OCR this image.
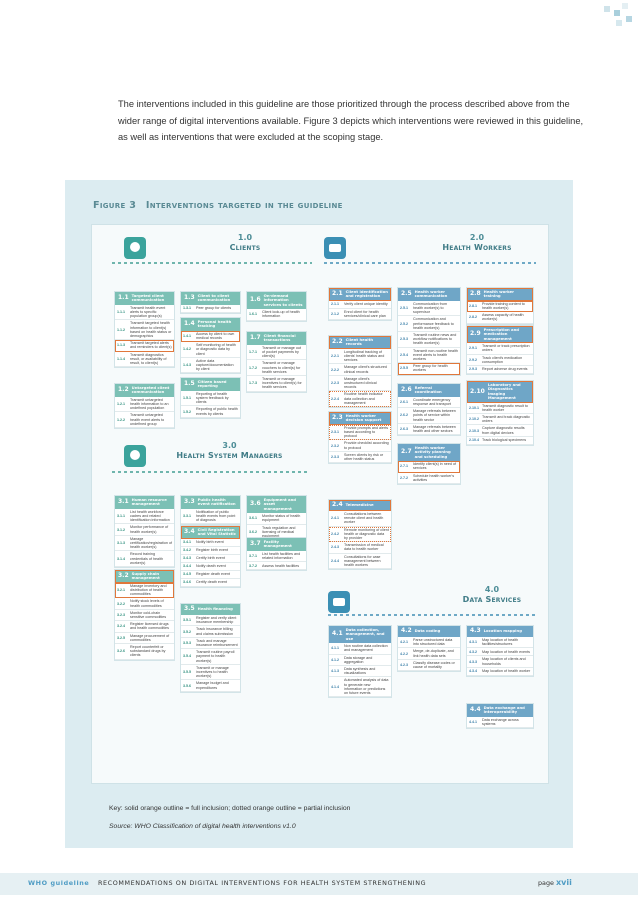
The interventions included in this guideline are those prioritized through the process described above from the wider range of digital interventions available. Figure 3 depicts which interventions were reviewed in this guideline, as well as interventions that were excluded at the scoping stage.

Figure 3 Interventions targeted in the guideline
1.0
Clients
2.0
Health Workers
3.0
Health System Managers
4.0
Data Services
1.1 Targeted client communication
1.1.1
Transmit health event alerts to specific population group(s)
1.1.2
Transmit targeted health information to client(s) based on health status or demographics
1.1.3
Transmit targeted alerts and reminders to client(s)
1.1.4
Transmit diagnostics result, or availability of result, to client(s)
1.2 Untargeted client communication
1.2.1
Transmit untargeted health information to an undefined population
1.2.2
Transmit untargeted health event alerts to undefined group
1.3 Client to client communication
1.3.1	Peer group for clients
1.4 Personal health tracking
1.4.1
Access by client to own medical records
1.4.2
Self monitoring of health or diagnostic data by client
1.4.3
Active data capture/documentation by client
1.5 Citizen based reporting
1.5.1
Reporting of health system feedback by clients
1.5.2
Reporting of public health events by clients
1.6
On-demand information services to clients
1.6.1
Client look-up of health information
1.7 Client financial transactions
1.7.1
Transmit or manage out of pocket payments by client(s)
1.7.2
Transmit or manage vouchers to client(s) for health services
1.7.3
Transmit or manage incentives to client(s) for health services
2.1 Client identification and registration
2.1.1	Verify client unique identity
2.1.2
Enrol client for health services/clinical care plan
2.2 Client health records
2.2.1
Longitudinal tracking of clients' health status and services
2.2.2
Manage client's structured clinical records
2.2.3
Manage client's unstructured clinical records
2.2.4
Routine health indicator data collection and management
2.3 Health worker decision support
2.3.1
Provide prompts and alerts based according to protocol
2.3.2
Provide checklist according to protocol
2.3.3
Screen clients by risk or other health status
2.4 Telemedicine
2.4.1
Consultations between remote client and health worker
2.4.2
Remote monitoring of client health or diagnostic data by provider
2.4.3
Transmission of medical data to health worker
2.4.4
Consultations for case management between health workers
2.5 Health worker communication
2.5.1
Communication from health worker(s) to supervisor
2.5.2
Communication and performance feedback to health worker(s)
2.5.3
Transmit routine news and workflow notifications to health worker(s)
2.5.4
Transmit non-routine health event alerts to health workers
2.5.5
Peer group for health workers
2.6 Referral coordination
2.6.1
Coordinate emergency response and transport
2.6.2
Manage referrals between points of service within health sector
2.6.3
Manage referrals between health and other sectors
2.7
Health worker activity planning and scheduling
2.7.1
Identify client(s) in need of services
2.7.2
Schedule health worker's activities
2.8 Health worker training
2.8.1
Provide training content to health worker(s)
2.8.2
Assess capacity of health worker(s)
2.9
Prescription and medication management
2.9.1
Transmit or track prescription orders
2.9.2
Track client's medication consumption
2.9.3	Report adverse drug events
2.10
Laboratory and Diagnostics Imaging Management
2.10.1
Transmit diagnostic result to health worker
2.10.2
Transmit and track diagnostic orders
2.10.3
Capture diagnostic results from digital devices
2.10.4 Track biological specimens
3.1 Human resource management
3.1.1
List health workforce cadres and related identification information
3.1.2
Monitor performance of health worker(s)
3.1.3
Manage certification/registration of health worker(s)
3.1.4
Record training credentials of health worker(s)
3.2 Supply chain management
3.2.1
Manage inventory and distribution of health commodities
3.2.2
Notify stock levels of health commodities
3.2.3
Monitor cold-chain sensitive commodities
3.2.4
Register licensed drugs and health commodities
3.2.5
Manage procurement of commodities
3.2.6
Report counterfeit or substandard drugs by clients
3.3 Public health event notification
3.3.1
Notification of public health events from point of diagnosis
3.4 Civil Registration and Vital Statistic
3.4.1	Notify birth event
3.4.2	Register birth event
3.4.3	Certify birth event
3.4.4	Notify death event
3.4.5	Register death event
3.4.6	Certify death event
3.5 Health financing
3.5.1
Register and verify client insurance membership
3.5.2
Track insurance billing and claims submission
3.5.3
Track and manage insurance reimbursement
3.5.4
Transmit routine payroll payment to health worker(s)
3.5.5
Transmit or manage incentives to health worker(s)
3.5.6
Manage budget and expenditures
3.6
Equipment and asset management
3.6.1
Monitor status of health equipment
3.6.2
Track regulation and licensing of medical
3.7 Facility management
3.7.1
List health facilities and related information
3.7.2	Assess health facilities
4.1
Data collection, management, and use
4.1.1
Non routine data collection and management
4.1.2
Data storage and aggregation
4.1.3
Data synthesis and visualizations
4.1.4
Automated analysis of data to generate new information or predictions on future events
4.2 Data coding
4.2.1
Parse unstructured data into structured data
4.2.2
Merge, de-duplicate, and link health data sets
4.2.3
Classify disease codes or cause of mortality
4.3 Location mapping
4.3.1
Map location of health facilities/structures
4.3.2	Map location of health events
4.3.3
Map location of clients and households
4.3.4	Map location of health worker
4.4 Data exchange and interoperability
4.4.1
Data exchange across systems
Key: solid orange outline = full inclusion; dotted orange outline = partial inclusion
Source: WHO Classification of digital health interventions v1.0
WHO guideline RECOMMENDATIONS ON DIGITAL INTERVENTIONS FOR HEALTH SYSTEM STRENGTHENING	page xvii
